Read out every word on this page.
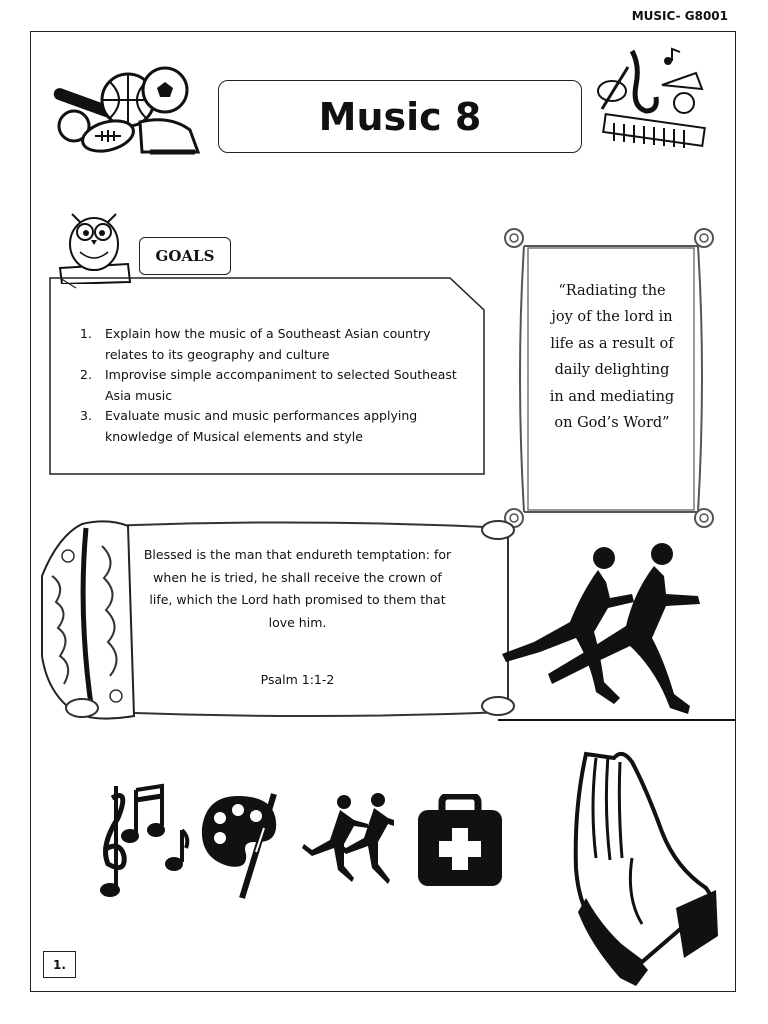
MUSIC- G8001
Music 8
GOALS
1. Explain how the music of a Southeast Asian country relates to its geography and culture
2. Improvise simple accompaniment to selected Southeast Asia music
3. Evaluate music and music performances applying knowledge of Musical elements and style
“Radiating the
joy of the lord in
life as a result of
daily delighting
in and mediating
on God’s Word”
Blessed is the man that endureth temptation: for when he is tried, he shall receive the crown of life, which the Lord hath promised to them that love him.
Psalm 1:1-2
1.
